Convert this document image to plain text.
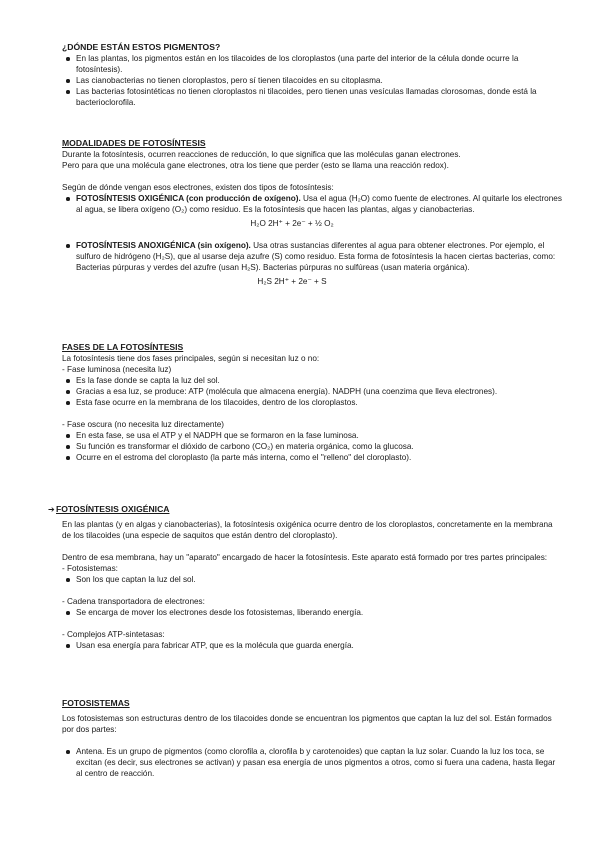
¿DÓNDE ESTÁN ESTOS PIGMENTOS?
En las plantas, los pigmentos están en los tilacoides de los cloroplastos (una parte del interior de la célula donde ocurre la fotosíntesis).
Las cianobacterias no tienen cloroplastos, pero sí tienen tilacoides en su citoplasma.
Las bacterias fotosintéticas no tienen cloroplastos ni tilacoides, pero tienen unas vesículas llamadas clorosomas, donde está la bacterioclorofila.
MODALIDADES DE FOTOSÍNTESIS

Durante la fotosíntesis, ocurren reacciones de reducción, lo que significa que las moléculas ganan electrones.

Pero para que una molécula gane electrones, otra los tiene que perder (esto se llama una reacción redox).

Según de dónde vengan esos electrones, existen dos tipos de fotosíntesis:

FOTOSÍNTESIS OXIGÉNICA (con producción de oxígeno). Usa el agua (H₂O) como fuente de electrones. Al quitarle los electrones al agua, se libera oxígeno (O₂) como residuo. Es la fotosíntesis que hacen las plantas, algas y cianobacterias.
H₂O 2H⁺ + 2e⁻ + ½ O₂
FOTOSÍNTESIS ANOXIGÉNICA (sin oxígeno). Usa otras sustancias diferentes al agua para obtener electrones. Por ejemplo, el sulfuro de hidrógeno (H₂S), que al usarse deja azufre (S) como residuo. Esta forma de fotosíntesis la hacen ciertas bacterias, como: Bacterias púrpuras y verdes del azufre (usan H₂S). Bacterias púrpuras no sulfúreas (usan materia orgánica).
H₂S 2H⁺ + 2e⁻ + S
FASES DE LA FOTOSÍNTESIS

La fotosíntesis tiene dos fases principales, según si necesitan luz o no:

- Fase luminosa (necesita luz)

Es la fase donde se capta la luz del sol.
Gracias a esa luz, se produce: ATP (molécula que almacena energía). NADPH (una coenzima que lleva electrones).
Esta fase ocurre en la membrana de los tilacoides, dentro de los cloroplastos.

- Fase oscura (no necesita luz directamente)

En esta fase, se usa el ATP y el NADPH que se formaron en la fase luminosa.
Su función es transformar el dióxido de carbono (CO₂) en materia orgánica, como la glucosa.
Ocurre en el estroma del cloroplasto (la parte más interna, como el "relleno" del cloroplasto).
➔ FOTOSÍNTESIS OXIGÉNICA

En las plantas (y en algas y cianobacterias), la fotosíntesis oxigénica ocurre dentro de los cloroplastos, concretamente en la membrana de los tilacoides (una especie de saquitos que están dentro del cloroplasto).

Dentro de esa membrana, hay un "aparato" encargado de hacer la fotosíntesis. Este aparato está formado por tres partes principales:

- Fotosistemas:

Son los que captan la luz del sol.

- Cadena transportadora de electrones:

Se encarga de mover los electrones desde los fotosistemas, liberando energía.

- Complejos ATP-sintetasas:

Usan esa energía para fabricar ATP, que es la molécula que guarda energía.
FOTOSISTEMAS

Los fotosistemas son estructuras dentro de los tilacoides donde se encuentran los pigmentos que captan la luz del sol. Están formados por dos partes:

Antena. Es un grupo de pigmentos (como clorofila a, clorofila b y carotenoides) que captan la luz solar. Cuando la luz los toca, se excitan (es decir, sus electrones se activan) y pasan esa energía de unos pigmentos a otros, como si fuera una cadena, hasta llegar al centro de reacción.
